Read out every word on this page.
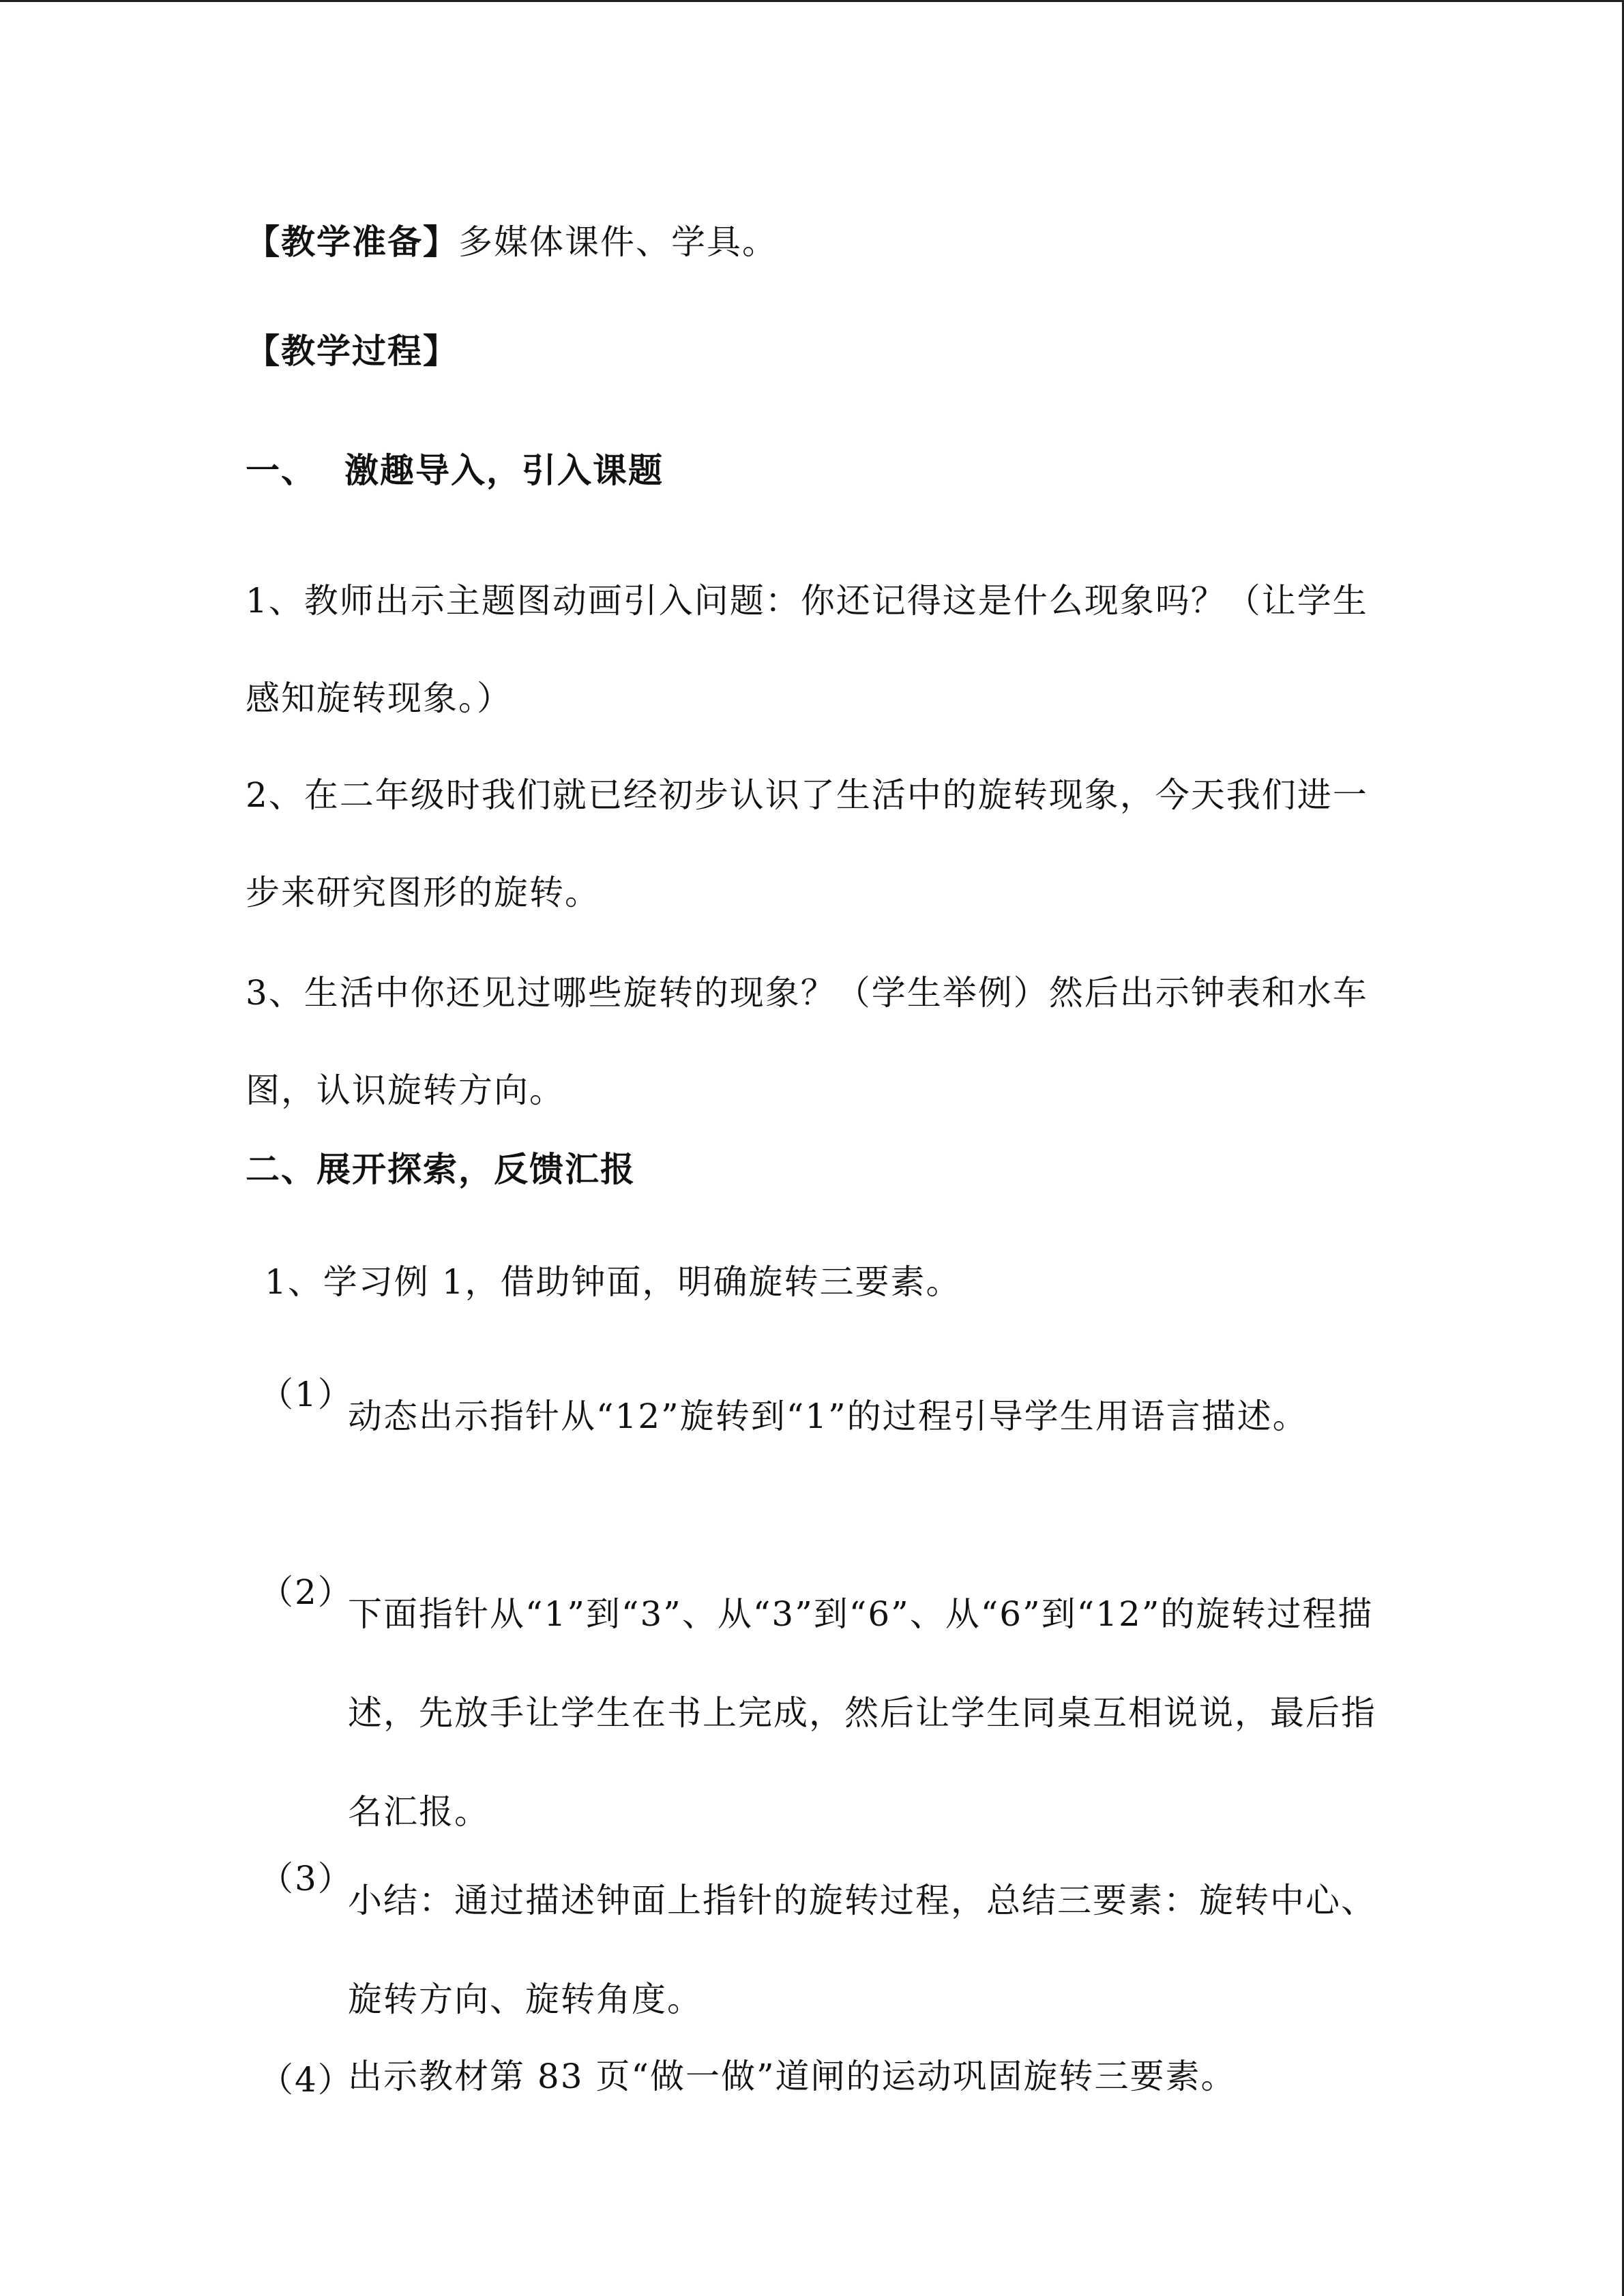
【教学准备】多媒体课件、学具。

【教学过程】

一、 激趣导入，引入课题

1、教师出示主题图动画引入问题：你还记得这是什么现象吗？（让学生感知旋转现象。）

2、在二年级时我们就已经初步认识了生活中的旋转现象，今天我们进一步来研究图形的旋转。

3、生活中你还见过哪些旋转的现象？（学生举例）然后出示钟表和水车图，认识旋转方向。

二、展开探索，反馈汇报

1、学习例 1，借助钟面，明确旋转三要素。

（1）
动态出示指针从“12”旋转到“1”的过程引导学生用语言描述。
（2）
下面指针从“1”到“3”、从“3”到“6”、从“6”到“12”的旋转过程描述，先放手让学生在书上完成，然后让学生同桌互相说说，最后指名汇报。
（3）
小结：通过描述钟面上指针的旋转过程，总结三要素：旋转中心、旋转方向、旋转角度。
（4）
出示教材第 83 页“做一做”道闸的运动巩固旋转三要素。
